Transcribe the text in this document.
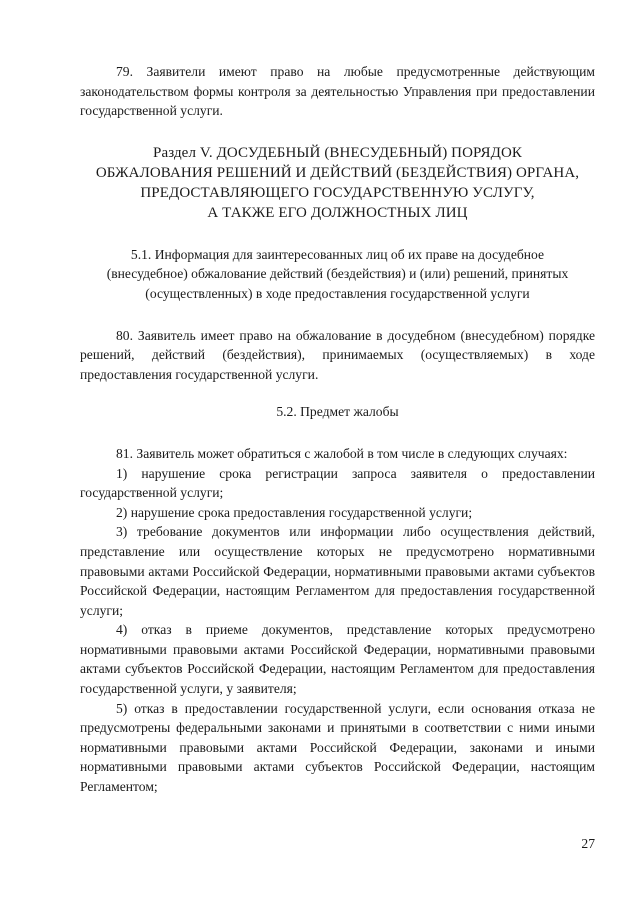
79. Заявители имеют право на любые предусмотренные действующим законодательством формы контроля за деятельностью Управления при предоставлении государственной услуги.

Раздел V. ДОСУДЕБНЫЙ (ВНЕСУДЕБНЫЙ) ПОРЯДОК
ОБЖАЛОВАНИЯ РЕШЕНИЙ И ДЕЙСТВИЙ (БЕЗДЕЙСТВИЯ) ОРГАНА,
ПРЕДОСТАВЛЯЮЩЕГО ГОСУДАРСТВЕННУЮ УСЛУГУ,
А ТАКЖЕ ЕГО ДОЛЖНОСТНЫХ ЛИЦ
5.1. Информация для заинтересованных лиц об их праве на досудебное
(внесудебное) обжалование действий (бездействия) и (или) решений, принятых
(осуществленных) в ходе предоставления государственной услуги

80. Заявитель имеет право на обжалование в досудебном (внесудебном) порядке решений, действий (бездействия), принимаемых (осуществляемых) в ходе предоставления государственной услуги.

5.2. Предмет жалобы

81. Заявитель может обратиться с жалобой в том числе в следующих случаях:

1) нарушение срока регистрации запроса заявителя о предоставлении государственной услуги;

2) нарушение срока предоставления государственной услуги;

3) требование документов или информации либо осуществления действий, представление или осуществление которых не предусмотрено нормативными правовыми актами Российской Федерации, нормативными правовыми актами субъектов Российской Федерации, настоящим Регламентом для предоставления государственной услуги;

4) отказ в приеме документов, представление которых предусмотрено нормативными правовыми актами Российской Федерации, нормативными правовыми актами субъектов Российской Федерации, настоящим Регламентом для предоставления государственной услуги, у заявителя;

5) отказ в предоставлении государственной услуги, если основания отказа не предусмотрены федеральными законами и принятыми в соответствии с ними иными нормативными правовыми актами Российской Федерации, законами и иными нормативными правовыми актами субъектов Российской Федерации, настоящим Регламентом;

27
